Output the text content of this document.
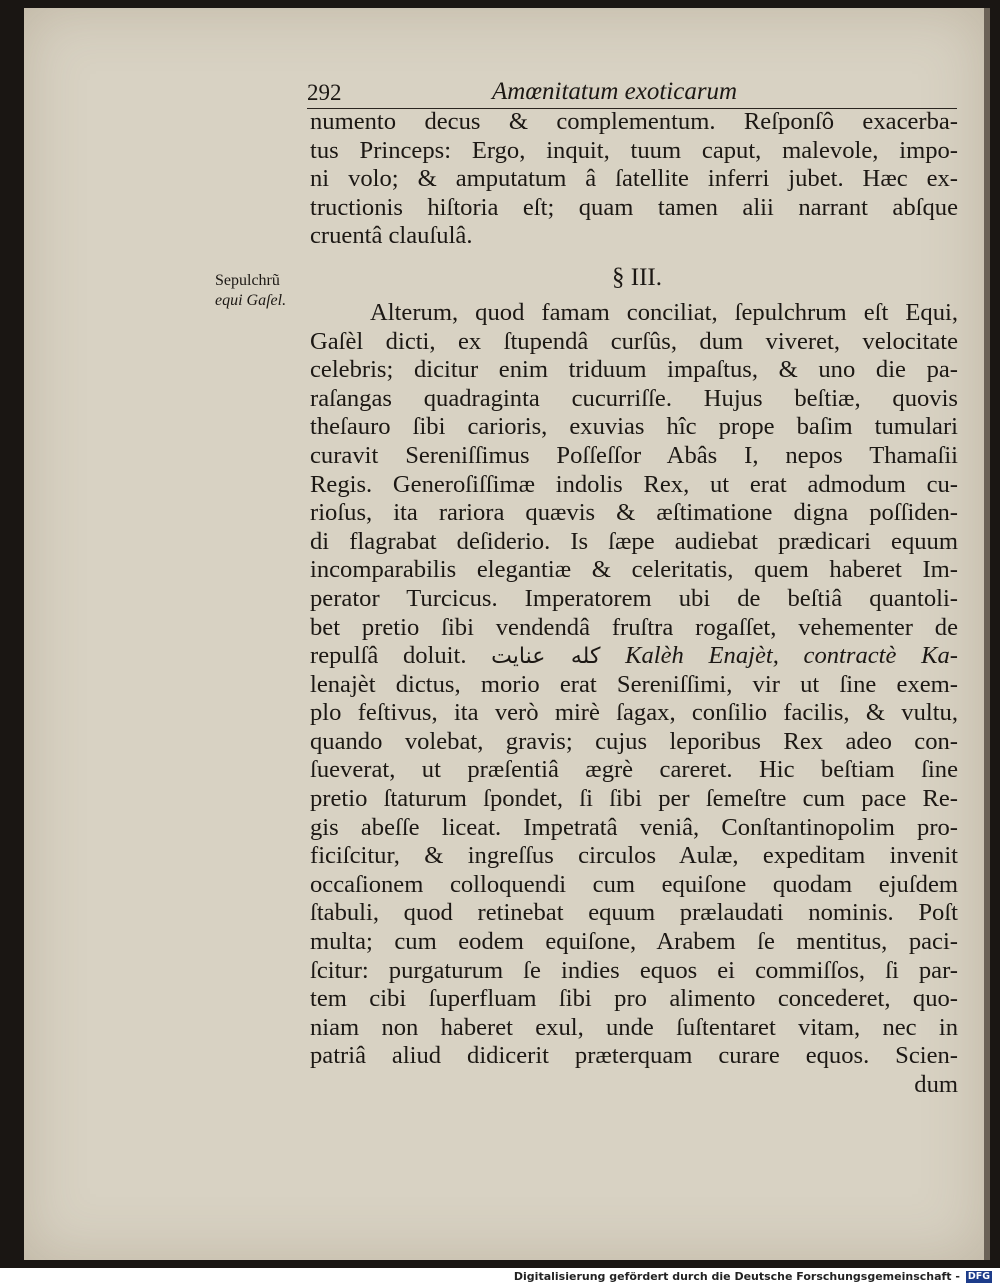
292	Amœnitatum exoticarum
Sepulchrũ
equi Gaſel.
numento decus & complementum. Reſponſô exacerba-
tus Princeps: Ergo, inquit, tuum caput, malevole, impo-
ni volo; & amputatum â ſatellite inferri jubet. Hæc ex-
tructionis hiſtoria eſt; quam tamen alii narrant abſque
cruentâ clauſulâ.
§ III.
Alterum, quod famam conciliat, ſepulchrum eſt Equi,
Gaſèl dicti, ex ſtupendâ curſûs, dum viveret, velocitate
celebris; dicitur enim triduum impaſtus, & uno die pa-
raſangas quadraginta cucurriſſe. Hujus beſtiæ, quovis
theſauro ſibi carioris, exuvias hîc prope baſim tumulari
curavit Sereniſſimus Poſſeſſor Abâs I, nepos Thamaſii
Regis. Generoſiſſimæ indolis Rex, ut erat admodum cu-
rioſus, ita rariora quævis & æſtimatione digna poſſiden-
di flagrabat deſiderio. Is ſæpe audiebat prædicari equum
incomparabilis elegantiæ & celeritatis, quem haberet Im-
perator Turcicus. Imperatorem ubi de beſtiâ quantoli-
bet pretio ſibi vendendâ fruſtra rogaſſet, vehementer de
repulſâ doluit. كله عنايت Kalèh Enajèt, contractè Ka-
lenajèt dictus, morio erat Sereniſſimi, vir ut ſine exem-
plo feſtivus, ita verò mirè ſagax, conſilio facilis, & vultu,
quando volebat, gravis; cujus leporibus Rex adeo con-
ſueverat, ut præſentiâ ægrè careret. Hic beſtiam ſine
pretio ſtaturum ſpondet, ſi ſibi per ſemeſtre cum pace Re-
gis abeſſe liceat. Impetratâ veniâ, Conſtantinopolim pro-
ficiſcitur, & ingreſſus circulos Aulæ, expeditam invenit
occaſionem colloquendi cum equiſone quodam ejuſdem
ſtabuli, quod retinebat equum prælaudati nominis. Poſt
multa; cum eodem equiſone, Arabem ſe mentitus, paci-
ſcitur: purgaturum ſe indies equos ei commiſſos, ſi par-
tem cibi ſuperfluam ſibi pro alimento concederet, quo-
niam non haberet exul, unde ſuſtentaret vitam, nec in
patriâ aliud didicerit præterquam curare equos. Scien-
dum
Digitalisierung gefördert durch die Deutsche Forschungsgemeinschaft - DFG
